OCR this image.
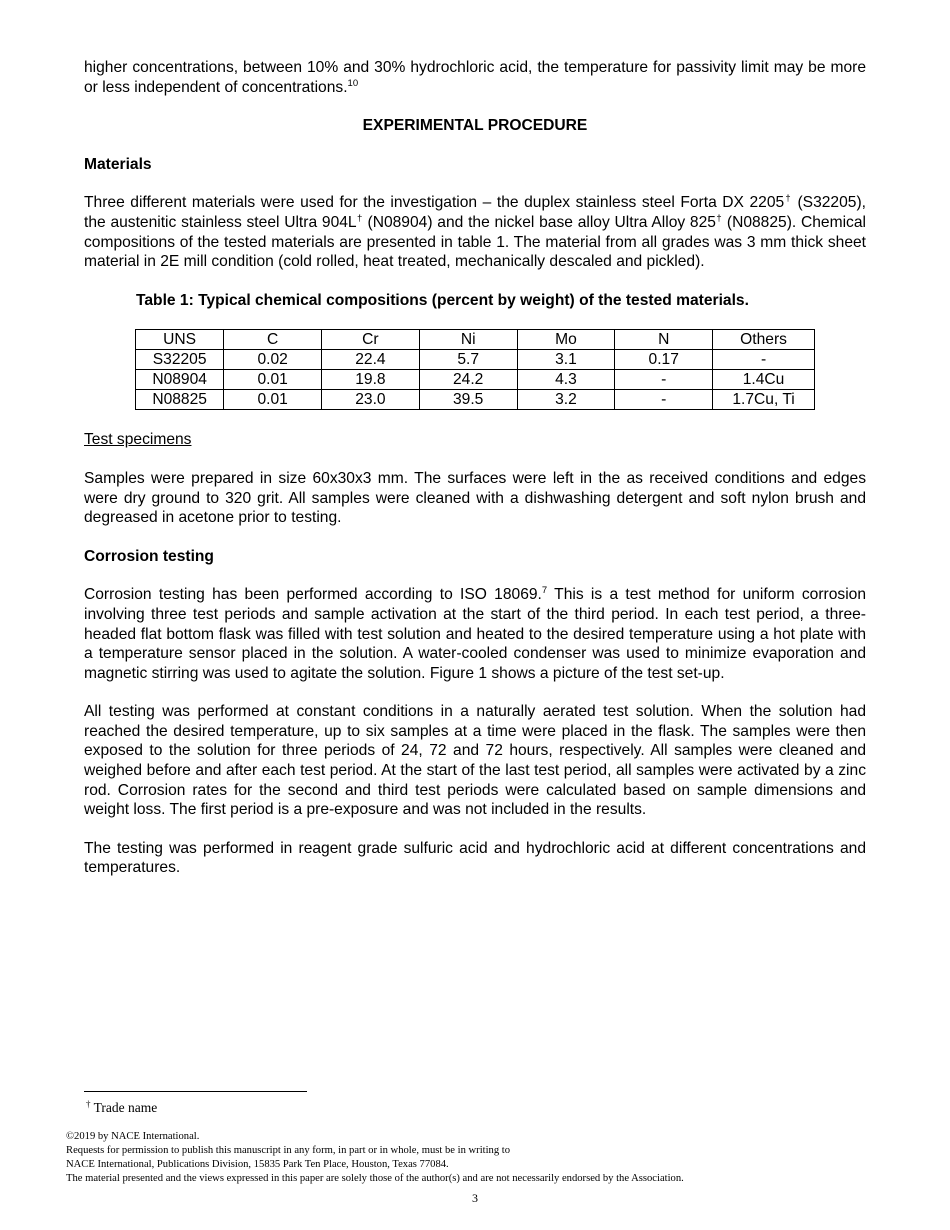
higher concentrations, between 10% and 30% hydrochloric acid, the temperature for passivity limit may be more or less independent of concentrations.$^{10}$

EXPERIMENTAL PROCEDURE

Materials

Three different materials were used for the investigation – the duplex stainless steel Forta DX 2205† (S32205), the austenitic stainless steel Ultra 904L† (N08904) and the nickel base alloy Ultra Alloy 825† (N08825). Chemical compositions of the tested materials are presented in table 1. The material from all grades was 3 mm thick sheet material in 2E mill condition (cold rolled, heat treated, mechanically descaled and pickled).

Table 1: Typical chemical compositions (percent by weight) of the tested materials.

UNS	C	Cr	Ni	Mo	N	Others
S32205	0.02	22.4	5.7	3.1	0.17	-
N08904	0.01	19.8	24.2	4.3	-	1.4Cu
N08825	0.01	23.0	39.5	3.2	-	1.7Cu, Ti

Test specimens

Samples were prepared in size 60x30x3 mm. The surfaces were left in the as received conditions and edges were dry ground to 320 grit. All samples were cleaned with a dishwashing detergent and soft nylon brush and degreased in acetone prior to testing.

Corrosion testing

Corrosion testing has been performed according to ISO 18069.$^7$ This is a test method for uniform corrosion involving three test periods and sample activation at the start of the third period. In each test period, a three-headed flat bottom flask was filled with test solution and heated to the desired temperature using a hot plate with a temperature sensor placed in the solution. A water-cooled condenser was used to minimize evaporation and magnetic stirring was used to agitate the solution. Figure 1 shows a picture of the test set-up.

All testing was performed at constant conditions in a naturally aerated test solution. When the solution had reached the desired temperature, up to six samples at a time were placed in the flask. The samples were then exposed to the solution for three periods of 24, 72 and 72 hours, respectively. All samples were cleaned and weighed before and after each test period. At the start of the last test period, all samples were activated by a zinc rod. Corrosion rates for the second and third test periods were calculated based on sample dimensions and weight loss. The first period is a pre-exposure and was not included in the results.

The testing was performed in reagent grade sulfuric acid and hydrochloric acid at different concentrations and temperatures.

† Trade name
©2019 by NACE International.
Requests for permission to publish this manuscript in any form, in part or in whole, must be in writing to
NACE International, Publications Division, 15835 Park Ten Place, Houston, Texas 77084.
The material presented and the views expressed in this paper are solely those of the author(s) and are not necessarily endorsed by the Association.
3
